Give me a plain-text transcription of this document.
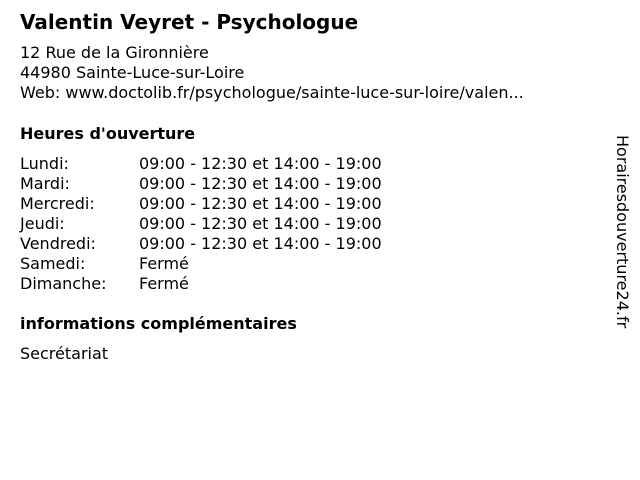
Valentin Veyret - Psychologue
12 Rue de la Gironnière
44980 Sainte-Luce-sur-Loire
Web: www.doctolib.fr/psychologue/sainte-luce-sur-loire/valen...
Heures d'ouverture
Lundi:	09:00 - 12:30 et 14:00 - 19:00
Mardi:	09:00 - 12:30 et 14:00 - 19:00
Mercredi:	09:00 - 12:30 et 14:00 - 19:00
Jeudi:	09:00 - 12:30 et 14:00 - 19:00
Vendredi:	09:00 - 12:30 et 14:00 - 19:00
Samedi:	Fermé
Dimanche: Fermé
informations complémentaires
Secrétariat
Horairesdouverture24.fr
